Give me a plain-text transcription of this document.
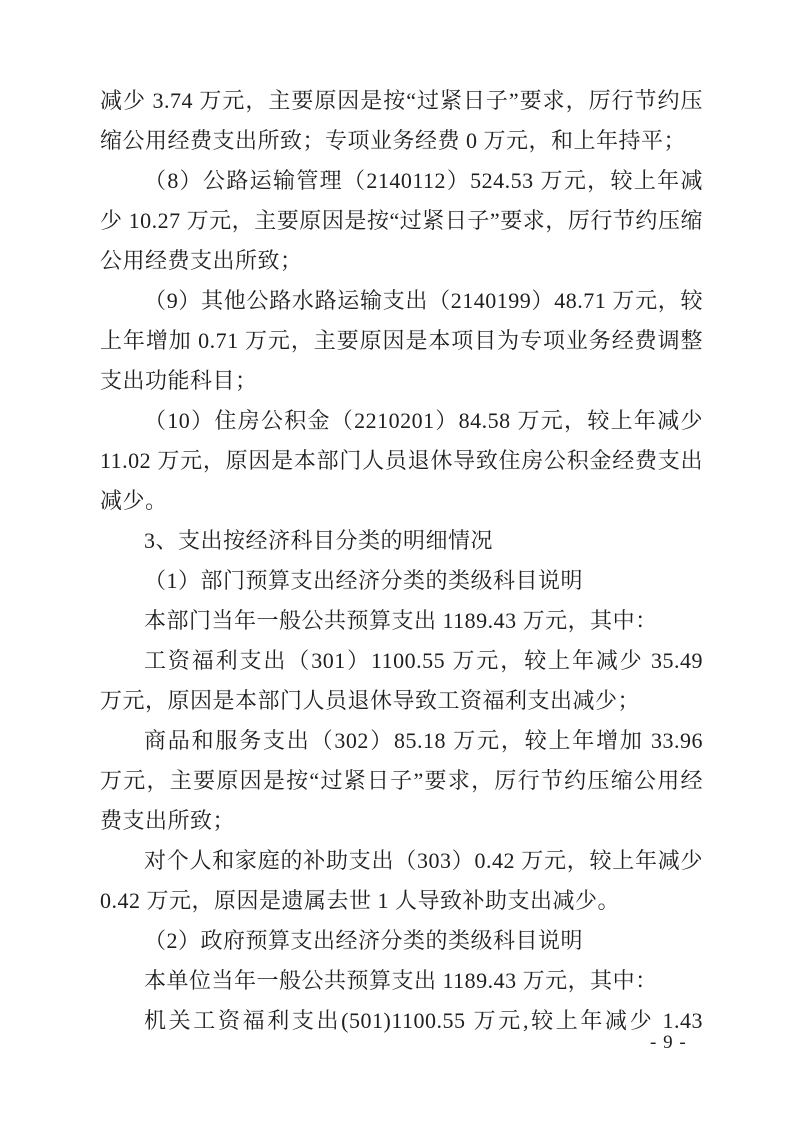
减少 3.74 万元，主要原因是按“过紧日子”要求，厉行节约压缩公用经费支出所致；专项业务经费 0 万元，和上年持平；

（8）公路运输管理（2140112）524.53 万元，较上年减少 10.27 万元，主要原因是按“过紧日子”要求，厉行节约压缩公用经费支出所致；

（9）其他公路水路运输支出（2140199）48.71 万元，较上年增加 0.71 万元，主要原因是本项目为专项业务经费调整支出功能科目；

（10）住房公积金（2210201）84.58 万元，较上年减少 11.02 万元，原因是本部门人员退休导致住房公积金经费支出减少。

3、支出按经济科目分类的明细情况

（1）部门预算支出经济分类的类级科目说明

本部门当年一般公共预算支出 1189.43 万元，其中：

工资福利支出（301）1100.55 万元，较上年减少 35.49 万元，原因是本部门人员退休导致工资福利支出减少；

商品和服务支出（302）85.18 万元，较上年增加 33.96 万元，主要原因是按“过紧日子”要求，厉行节约压缩公用经费支出所致；

对个人和家庭的补助支出（303）0.42 万元，较上年减少 0.42 万元，原因是遗属去世 1 人导致补助支出减少。

（2）政府预算支出经济分类的类级科目说明

本单位当年一般公共预算支出 1189.43 万元，其中：

机关工资福利支出(501)1100.55 万元,较上年减少 1.43

- 9 -
